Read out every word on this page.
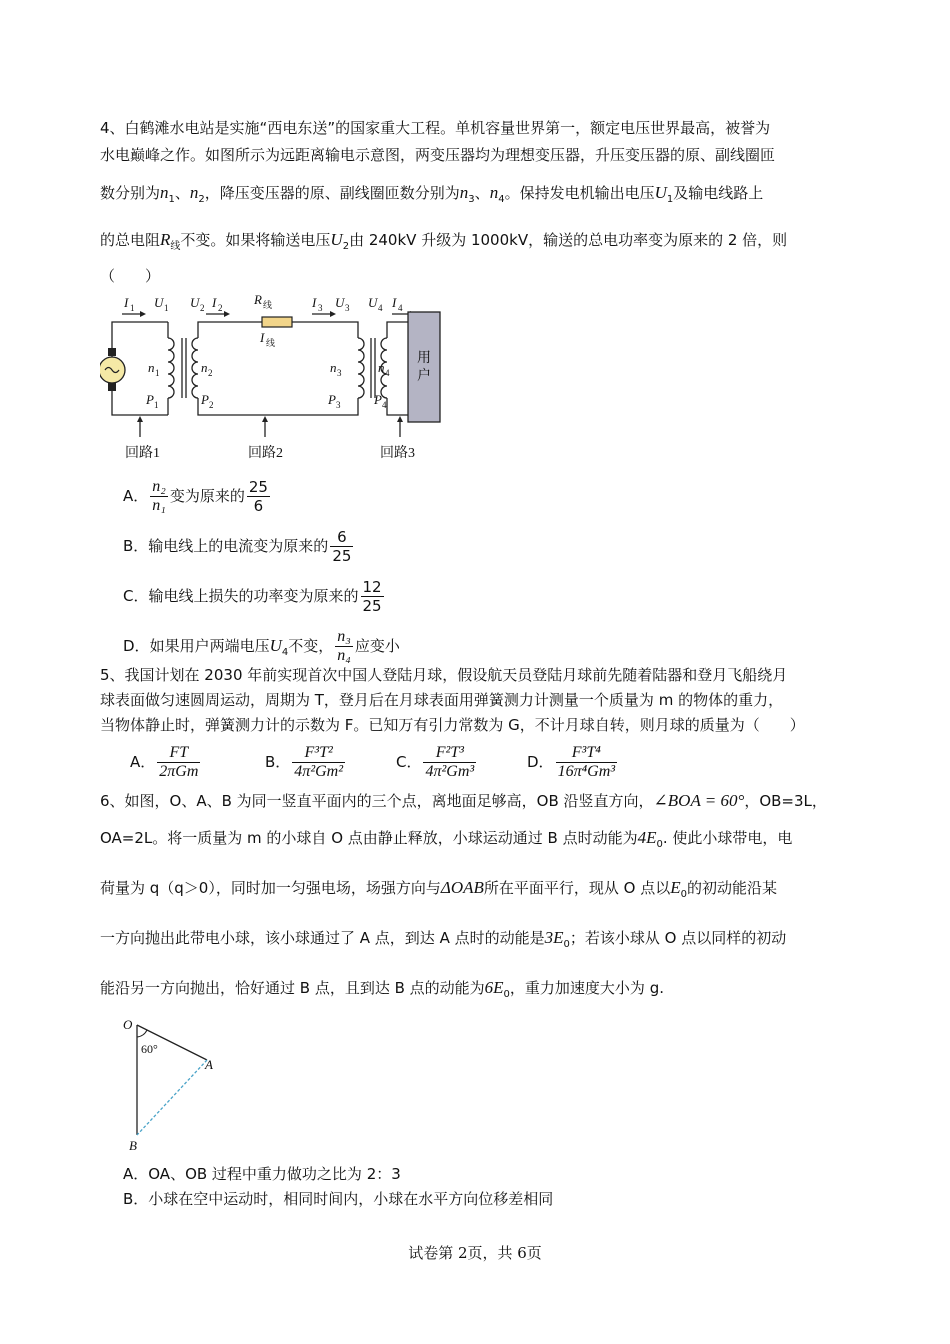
4、白鹤滩水电站是实施“西电东送”的国家重大工程。单机容量世界第一，额定电压世界最高，被誉为
水电巅峰之作。如图所示为远距离输电示意图，两变压器均为理想变压器，升压变压器的原、副线圈匝
数分别为$n_1$、$n_2$，降压变压器的原、副线圈匝数分别为$n_3$、$n_4$。保持发电机输出电压$U_1$及输电线路上
的总电阻$R_线$不变。如果将输送电压$U_2$由 240kV 升级为 1000kV，输送的总电功率变为原来的 2 倍，则
（　　）
I 1 U 1 U 2 I 2
R 线	I 3 U 3 U 4 I 4
I 线
n 1	n 2	n 3	n 4
P 1	P 2	P 3	P 4
用
户
回路1	回路2	回路3
A． $\frac{\text{n₂}}{\text{n₁}}$ 变为原来的 $\frac{25}{6}$
B．输电线上的电流变为原来的 $\frac{6}{25}$
C．输电线上损失的功率变为原来的 $\frac{12}{25}$
D．如果用户两端电压$U_4$不变， $\frac{\text{n₃}}{\text{n₄}}$ 应变小
5、我国计划在 2030 年前实现首次中国人登陆月球，假设航天员登陆月球前先随着陆器和登月飞船绕月
球表面做匀速圆周运动，周期为 T，登月后在月球表面用弹簧测力计测量一个质量为 m 的物体的重力，
当物体静止时，弹簧测力计的示数为 F。已知万有引力常数为 G，不计月球自转，则月球的质量为（　　）
A． $\frac{FT}{\text{2πGm}}$	B． $\frac{\text{F³T²}}{\text{4π²Gm²}}$	C． $\frac{\text{F²T³}}{\text{4π²Gm³}}$	D． $\frac{\text{F³T⁴}}{\text{16π⁴Gm³}}$
6、如图，O、A、B 为同一竖直平面内的三个点，离地面足够高，OB 沿竖直方向，∠BOA = 60°，OB=3L，
OA=2L。将一质量为 m 的小球自 O 点由静止释放，小球运动通过 B 点时动能为$4E_0$. 使此小球带电，电
荷量为 q（q＞0），同时加一匀强电场，场强方向与ΔOAB所在平面平行，现从 O 点以$E_0$的初动能沿某
一方向抛出此带电小球，该小球通过了 A 点，到达 A 点时的动能是$3E_0$；若该小球从 O 点以同样的初动
能沿另一方向抛出，恰好通过 B 点，且到达 B 点的动能为$6E_0$，重力加速度大小为 g.
O
A
B
60°
A．OA、OB 过程中重力做功之比为 2：3
B．小球在空中运动时，相同时间内，小球在水平方向位移差相同
试卷第 2页，共 6页
